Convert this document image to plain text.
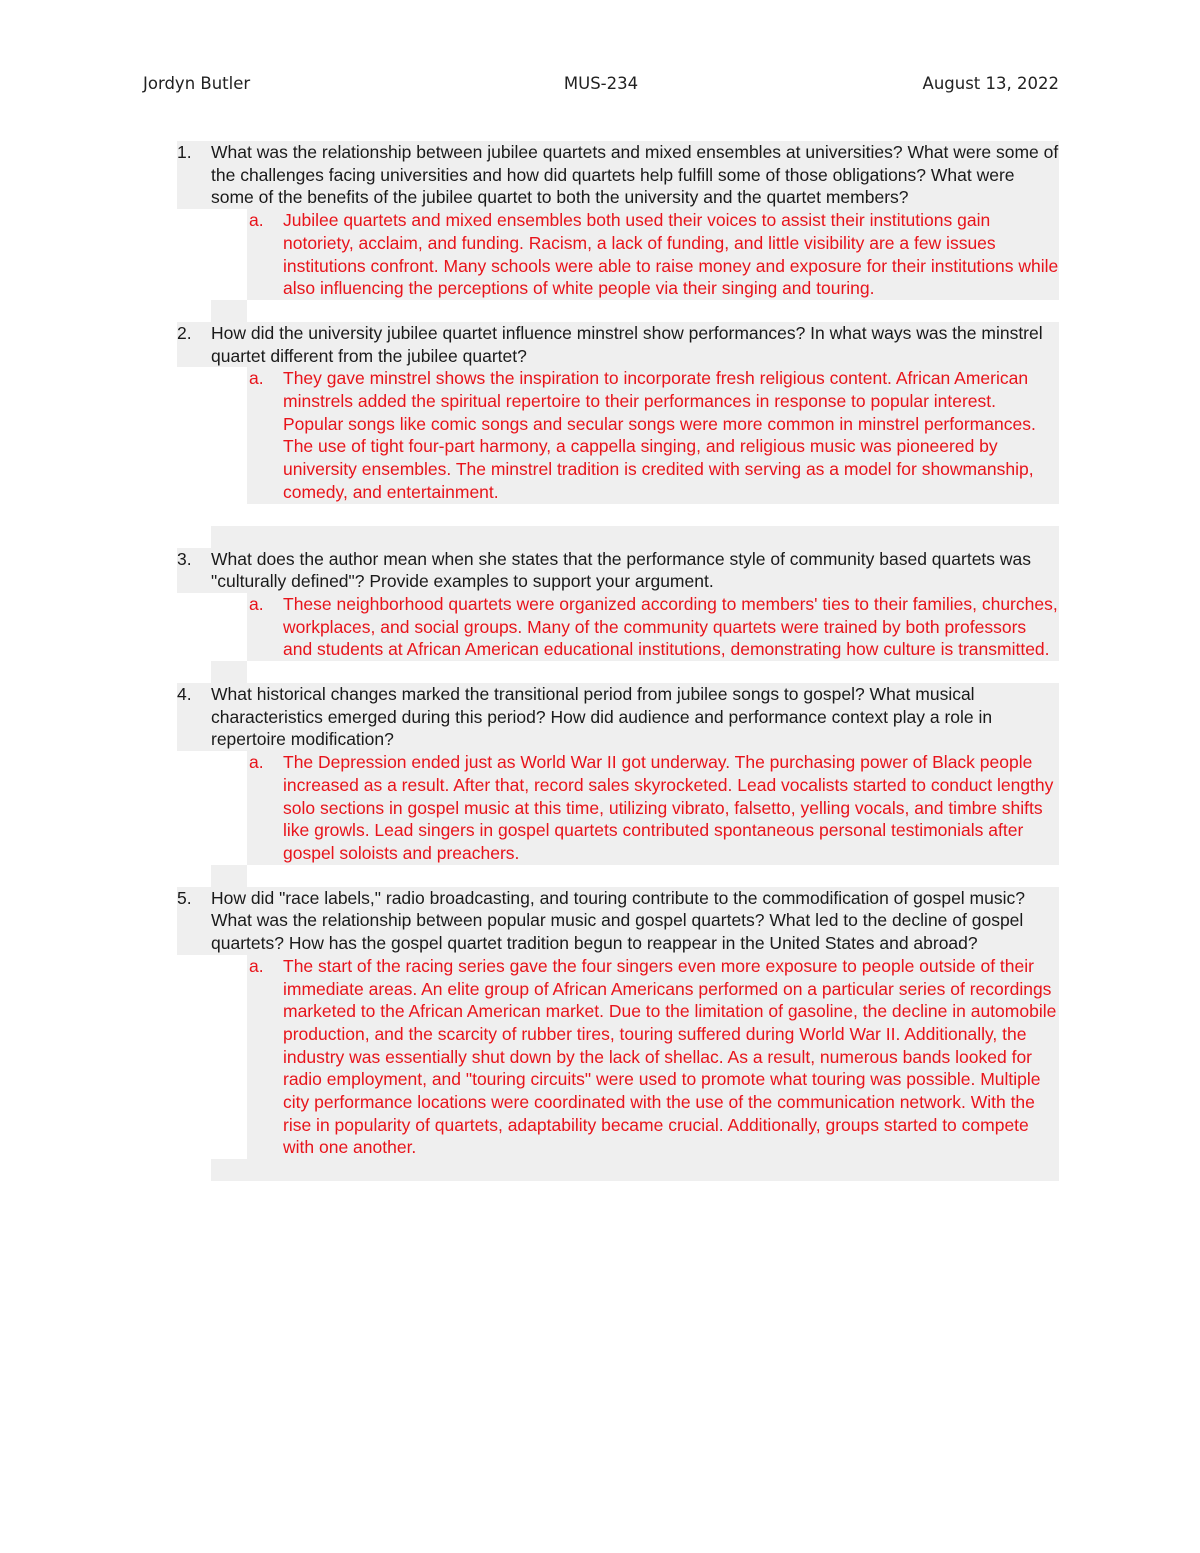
Jordyn Butler	MUS-234	August 13, 2022
1. What was the relationship between jubilee quartets and mixed ensembles at universities? What were some of the challenges facing universities and how did quartets help fulfill some of those obligations? What were some of the benefits of the jubilee quartet to both the university and the quartet members?
a. Jubilee quartets and mixed ensembles both used their voices to assist their institutions gain notoriety, acclaim, and funding. Racism, a lack of funding, and little visibility are a few issues institutions confront. Many schools were able to raise money and exposure for their institutions while also influencing the perceptions of white people via their singing and touring.
2. How did the university jubilee quartet influence minstrel show performances? In what ways was the minstrel quartet different from the jubilee quartet?
a. They gave minstrel shows the inspiration to incorporate fresh religious content. African American minstrels added the spiritual repertoire to their performances in response to popular interest. Popular songs like comic songs and secular songs were more common in minstrel performances. The use of tight four-part harmony, a cappella singing, and religious music was pioneered by university ensembles. The minstrel tradition is credited with serving as a model for showmanship, comedy, and entertainment.
3. What does the author mean when she states that the performance style of community based quartets was "culturally defined"? Provide examples to support your argument.
a. These neighborhood quartets were organized according to members' ties to their families, churches, workplaces, and social groups. Many of the community quartets were trained by both professors and students at African American educational institutions, demonstrating how culture is transmitted.
4. What historical changes marked the transitional period from jubilee songs to gospel? What musical characteristics emerged during this period? How did audience and performance context play a role in repertoire modification?
a. The Depression ended just as World War II got underway. The purchasing power of Black people increased as a result. After that, record sales skyrocketed. Lead vocalists started to conduct lengthy solo sections in gospel music at this time, utilizing vibrato, falsetto, yelling vocals, and timbre shifts like growls. Lead singers in gospel quartets contributed spontaneous personal testimonials after gospel soloists and preachers.
5. How did "race labels," radio broadcasting, and touring contribute to the commodification of gospel music? What was the relationship between popular music and gospel quartets? What led to the decline of gospel quartets? How has the gospel quartet tradition begun to reappear in the United States and abroad?
a. The start of the racing series gave the four singers even more exposure to people outside of their immediate areas. An elite group of African Americans performed on a particular series of recordings marketed to the African American market. Due to the limitation of gasoline, the decline in automobile production, and the scarcity of rubber tires, touring suffered during World War II. Additionally, the industry was essentially shut down by the lack of shellac. As a result, numerous bands looked for radio employment, and "touring circuits" were used to promote what touring was possible. Multiple city performance locations were coordinated with the use of the communication network. With the rise in popularity of quartets, adaptability became crucial. Additionally, groups started to compete with one another.
